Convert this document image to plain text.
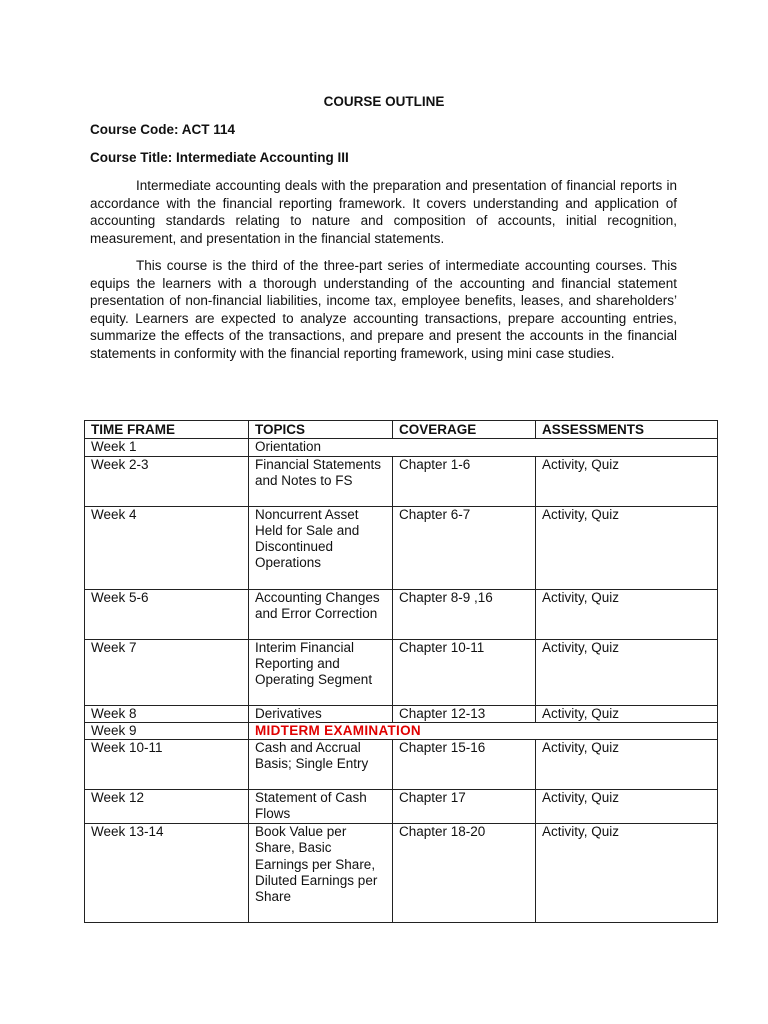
COURSE OUTLINE
Course Code: ACT 114
Course Title: Intermediate Accounting III

Intermediate accounting deals with the preparation and presentation of financial reports in accordance with the financial reporting framework. It covers understanding and application of accounting standards relating to nature and composition of accounts, initial recognition, measurement, and presentation in the financial statements.

This course is the third of the three-part series of intermediate accounting courses. This equips the learners with a thorough understanding of the accounting and financial statement presentation of non-financial liabilities, income tax, employee benefits, leases, and shareholders’ equity. Learners are expected to analyze accounting transactions, prepare accounting entries, summarize the effects of the transactions, and prepare and present the accounts in the financial statements in conformity with the financial reporting framework, using mini case studies.

TIME FRAME	TOPICS	COVERAGE	ASSESSMENTS
Week 1	Orientation		
Week 2-3	Financial Statements and Notes to FS	Chapter 1-6	Activity, Quiz
Week 4	Noncurrent Asset Held for Sale and Discontinued Operations	Chapter 6-7	Activity, Quiz
Week 5-6	Accounting Changes and Error Correction	Chapter 8-9 ,16	Activity, Quiz
Week 7	Interim Financial Reporting and Operating Segment	Chapter 10-11	Activity, Quiz
Week 8	Derivatives	Chapter 12-13	Activity, Quiz
Week 9	MIDTERM EXAMINATION		
Week 10-11	Cash and Accrual Basis; Single Entry	Chapter 15-16	Activity, Quiz
Week 12	Statement of Cash Flows	Chapter 17	Activity, Quiz
Week 13-14	Book Value per Share, Basic Earnings per Share, Diluted Earnings per Share	Chapter 18-20	Activity, Quiz
